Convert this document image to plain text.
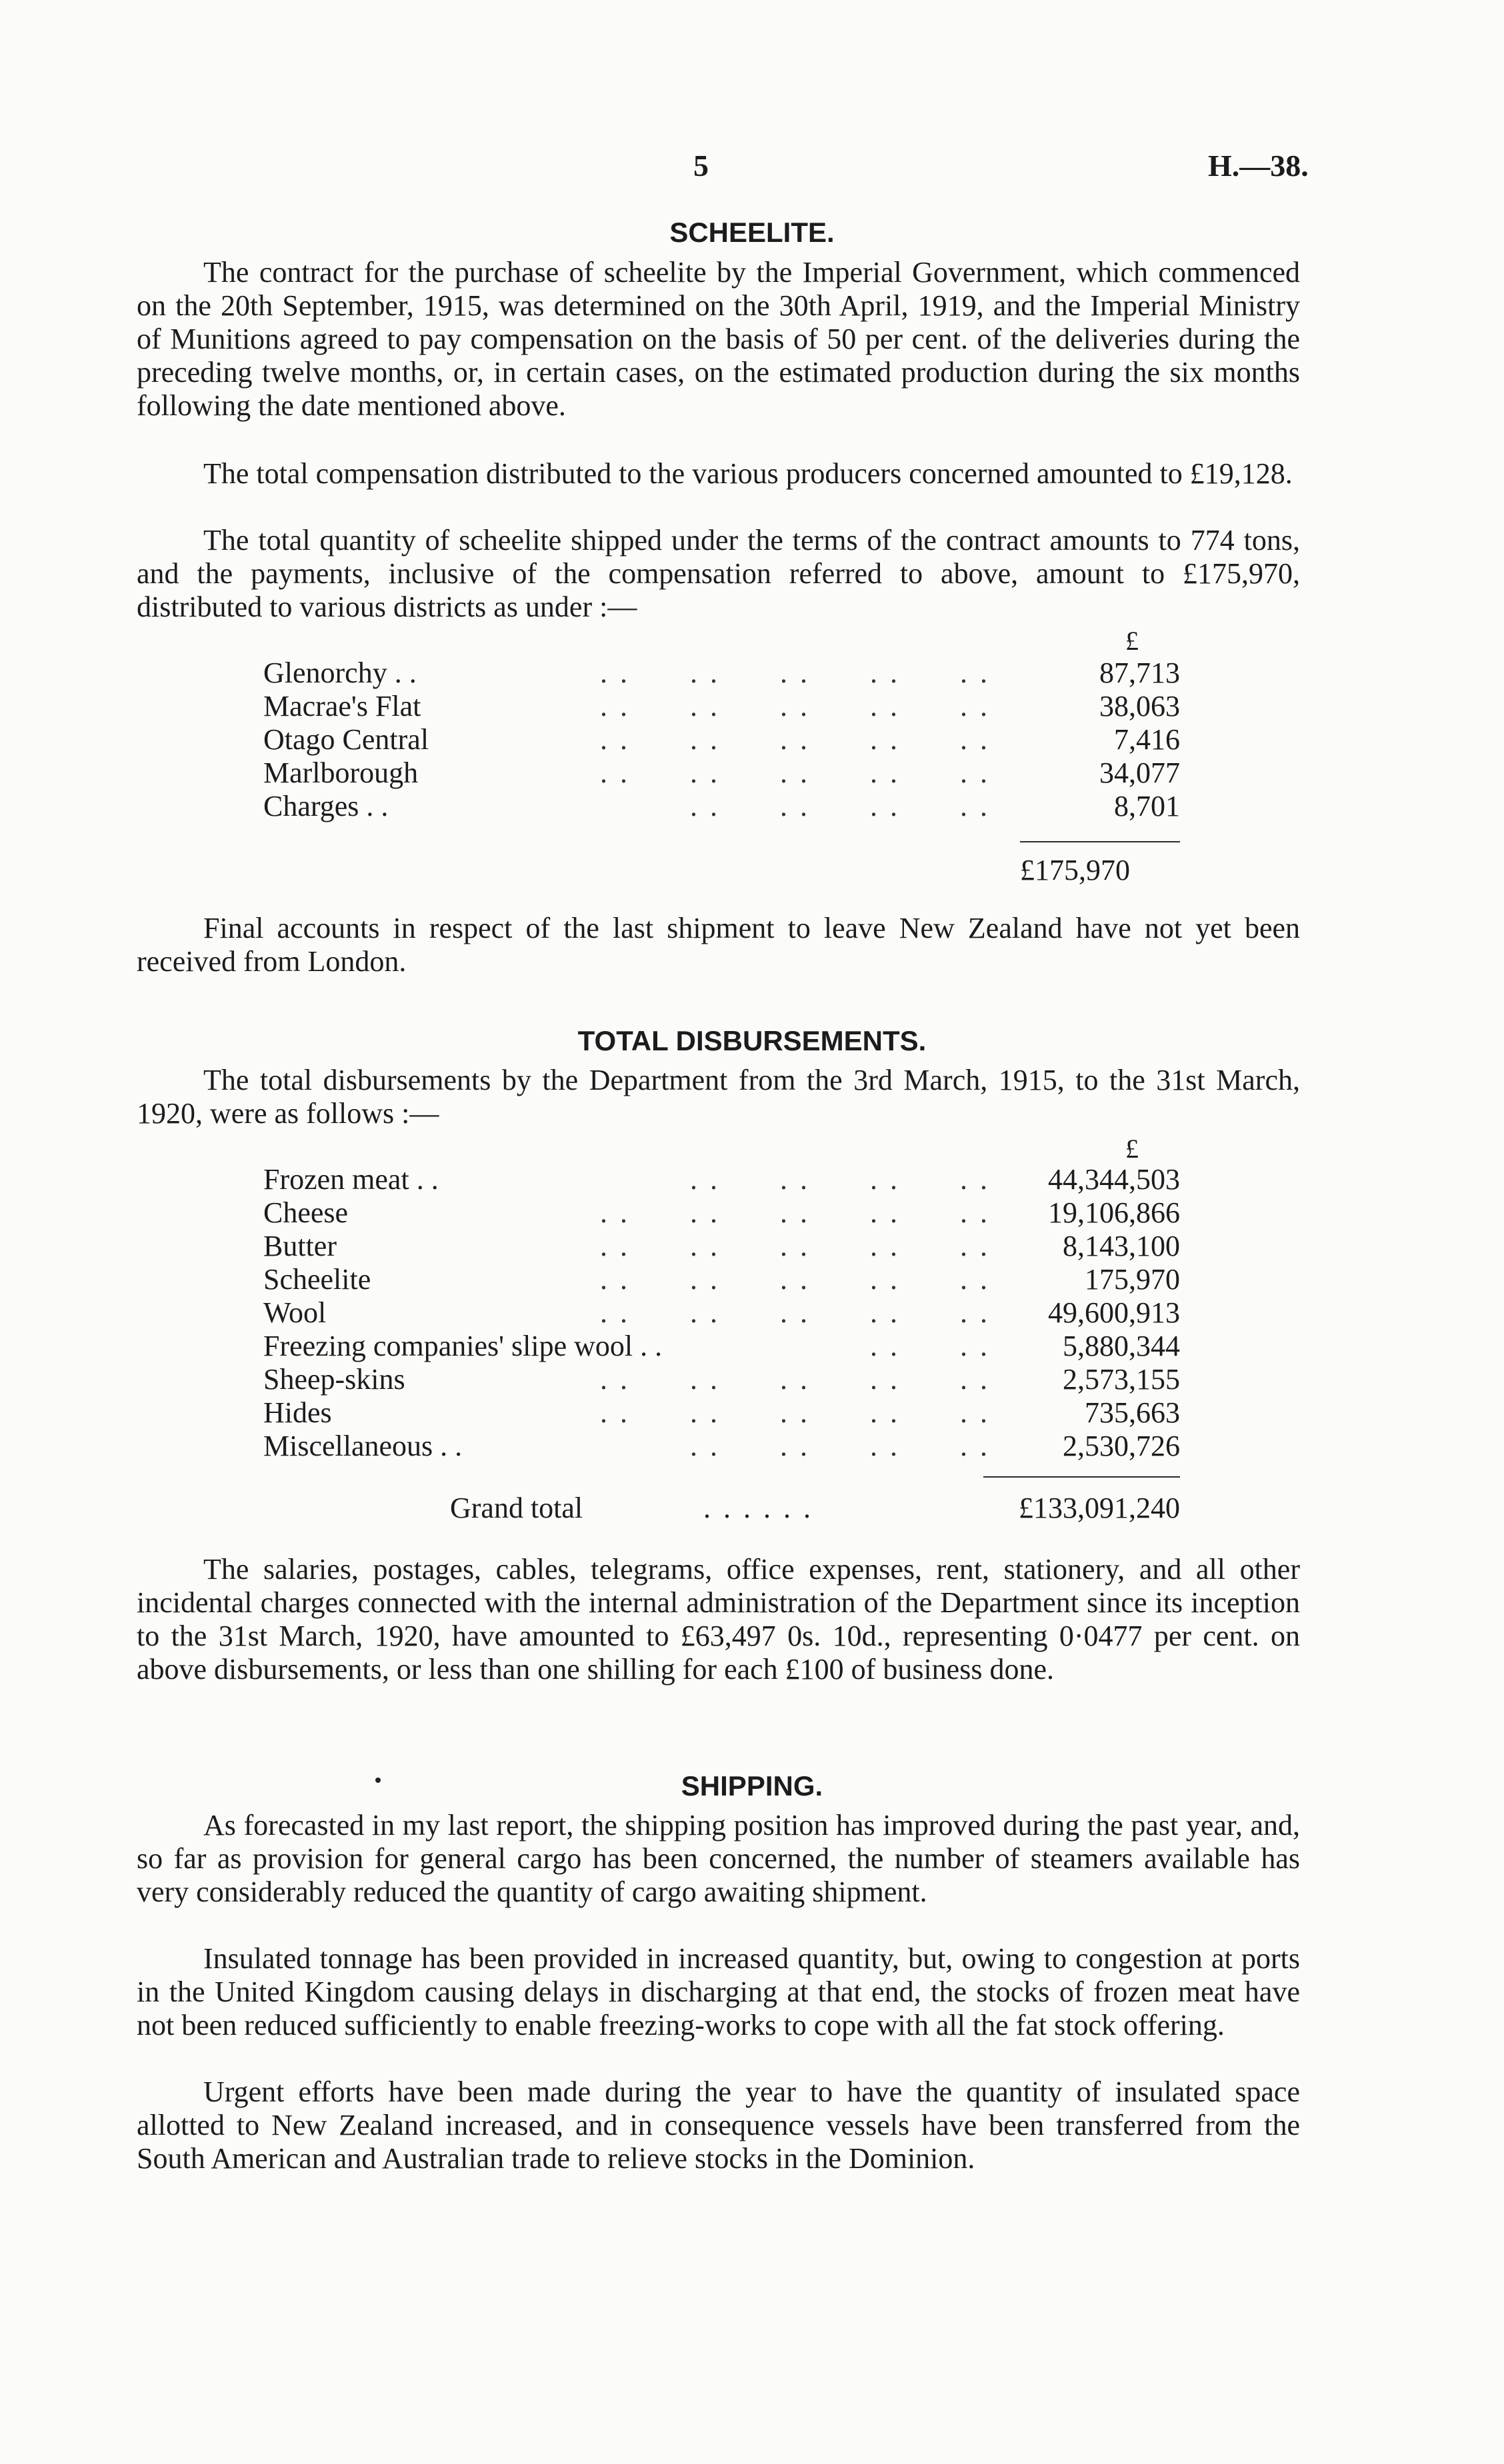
5	H.—38.
SCHEELITE.

The contract for the purchase of scheelite by the Imperial Government, which commenced on the 20th September, 1915, was determined on the 30th April, 1919, and the Imperial Ministry of Munitions agreed to pay compensation on the basis of 50 per cent. of the deliveries during the preceding twelve months, or, in certain cases, on the estimated production during the six months following the date mentioned above.

The total compensation distributed to the various producers concerned amounted to £19,128.

The total quantity of scheelite shipped under the terms of the contract amounts to 774 tons, and the payments, inclusive of the compensation referred to above, amount to £175,970, distributed to various districts as under :—

£
Glenorchy . .	. .      . .      . .      . .      . .	87,713
Macrae's Flat	. .      . .      . .      . .      . .	38,063
Otago Central	. .      . .      . .      . .      . .	7,416
Marlborough	. .      . .      . .      . .      . .	34,077
Charges . .	. .      . .      . .      . .	8,701
£175,970

Final accounts in respect of the last shipment to leave New Zealand have not yet been received from London.

TOTAL DISBURSEMENTS.

The total disbursements by the Department from the 3rd March, 1915, to the 31st March, 1920, were as follows :—

£
Frozen meat . .	. .      . .      . .      . . 44,344,503
Cheese	. .      . .      . .      . .      . . 19,106,866
Butter	. .      . .      . .      . .      . . 8,143,100
Scheelite	. .      . .      . .      . .      . .	175,970
Wool	. .      . .      . .      . .      . . 49,600,913
Freezing companies' slipe wool . .	. .      . . 5,880,344
Sheep-skins	. .      . .      . .      . .      . . 2,573,155
Hides	. .      . .      . .      . .      . .	735,663
Miscellaneous . .	. .      . .      . .      . . 2,530,726
Grand total	. . . . . .	£133,091,240

The salaries, postages, cables, telegrams, office expenses, rent, stationery, and all other incidental charges connected with the internal administration of the Department since its inception to the 31st March, 1920, have amounted to £63,497 0s. 10d., representing 0·0477 per cent. on above disbursements, or less than one shilling for each £100 of business done.

SHIPPING.

As forecasted in my last report, the shipping position has improved during the past year, and, so far as provision for general cargo has been concerned, the number of steamers available has very considerably reduced the quantity of cargo awaiting shipment.

Insulated tonnage has been provided in increased quantity, but, owing to congestion at ports in the United Kingdom causing delays in discharging at that end, the stocks of frozen meat have not been reduced sufficiently to enable freezing-works to cope with all the fat stock offering.

Urgent efforts have been made during the year to have the quantity of insulated space allotted to New Zealand increased, and in consequence vessels have been transferred from the South American and Australian trade to relieve stocks in the Dominion.
